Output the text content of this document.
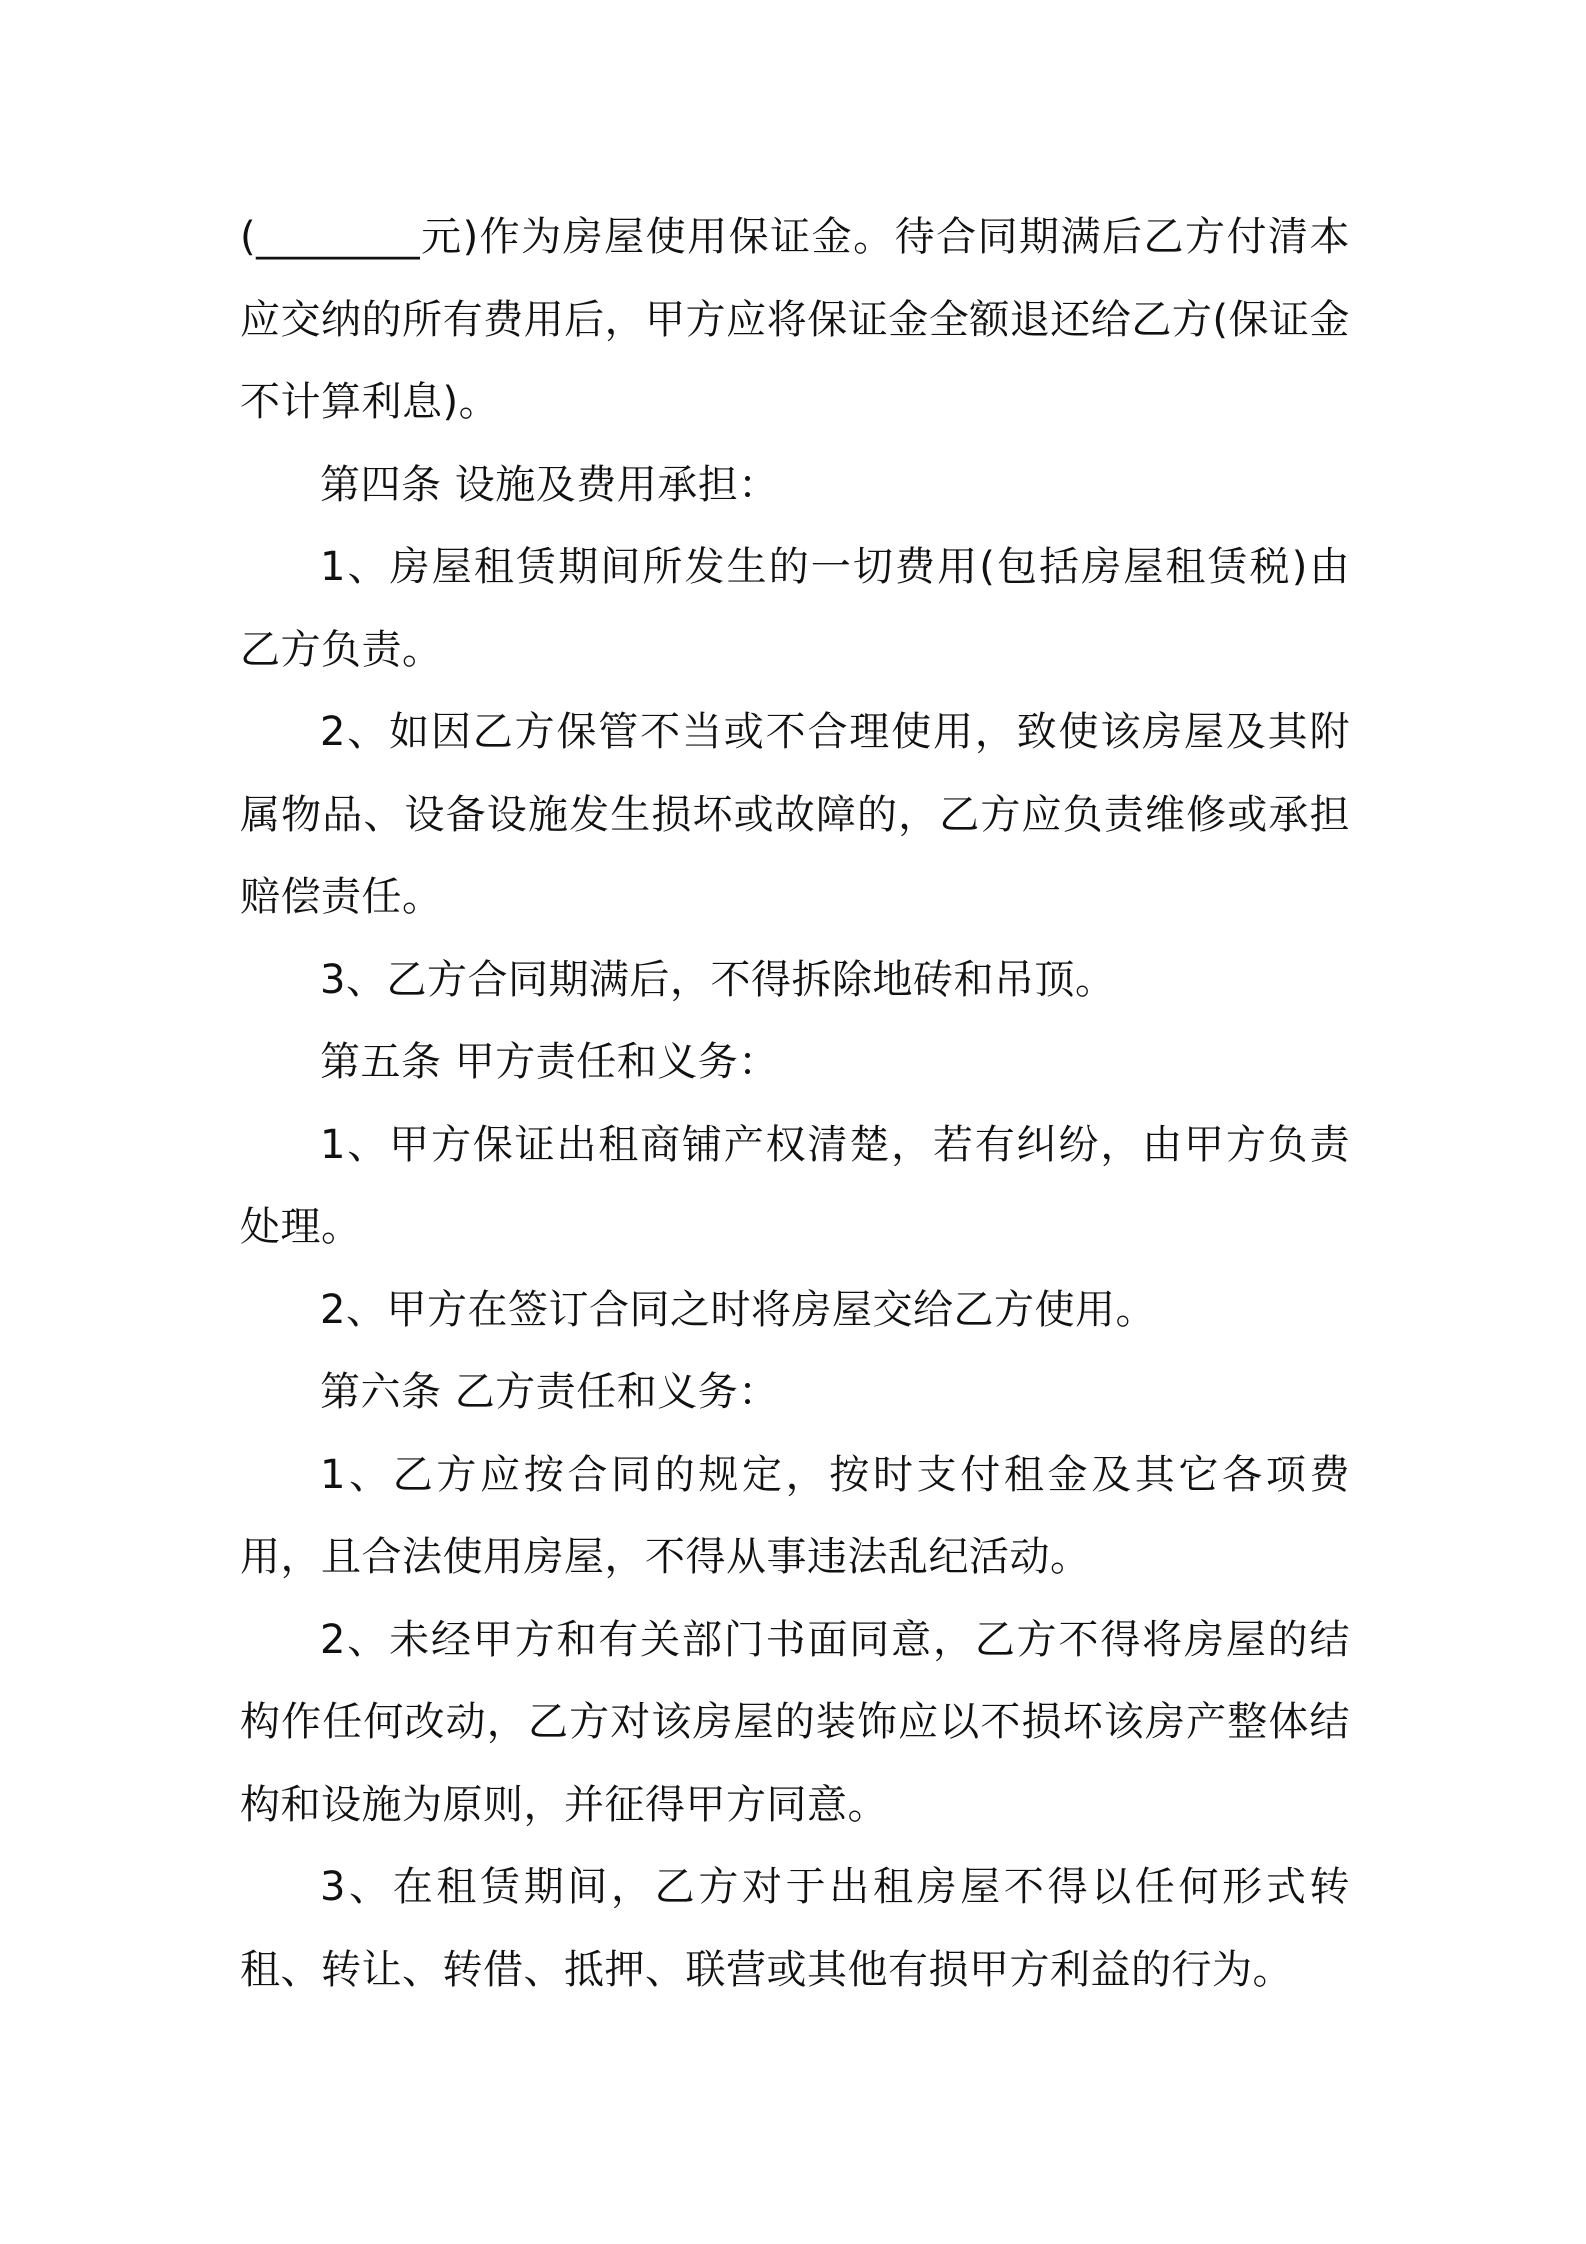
(________元)作为房屋使用保证金。待合同期满后乙方付清本应交纳的所有费用后，甲方应将保证金全额退还给乙方(保证金不计算利息)。

第四条 设施及费用承担：

1、房屋租赁期间所发生的一切费用(包括房屋租赁税)由乙方负责。

2、如因乙方保管不当或不合理使用，致使该房屋及其附属物品、设备设施发生损坏或故障的，乙方应负责维修或承担赔偿责任。

3、乙方合同期满后，不得拆除地砖和吊顶。

第五条 甲方责任和义务：

1、甲方保证出租商铺产权清楚，若有纠纷，由甲方负责处理。

2、甲方在签订合同之时将房屋交给乙方使用。

第六条 乙方责任和义务：

1、乙方应按合同的规定，按时支付租金及其它各项费用，且合法使用房屋，不得从事违法乱纪活动。

2、未经甲方和有关部门书面同意，乙方不得将房屋的结构作任何改动，乙方对该房屋的装饰应以不损坏该房产整体结构和设施为原则，并征得甲方同意。

3、在租赁期间，乙方对于出租房屋不得以任何形式转租、转让、转借、抵押、联营或其他有损甲方利益的行为。
